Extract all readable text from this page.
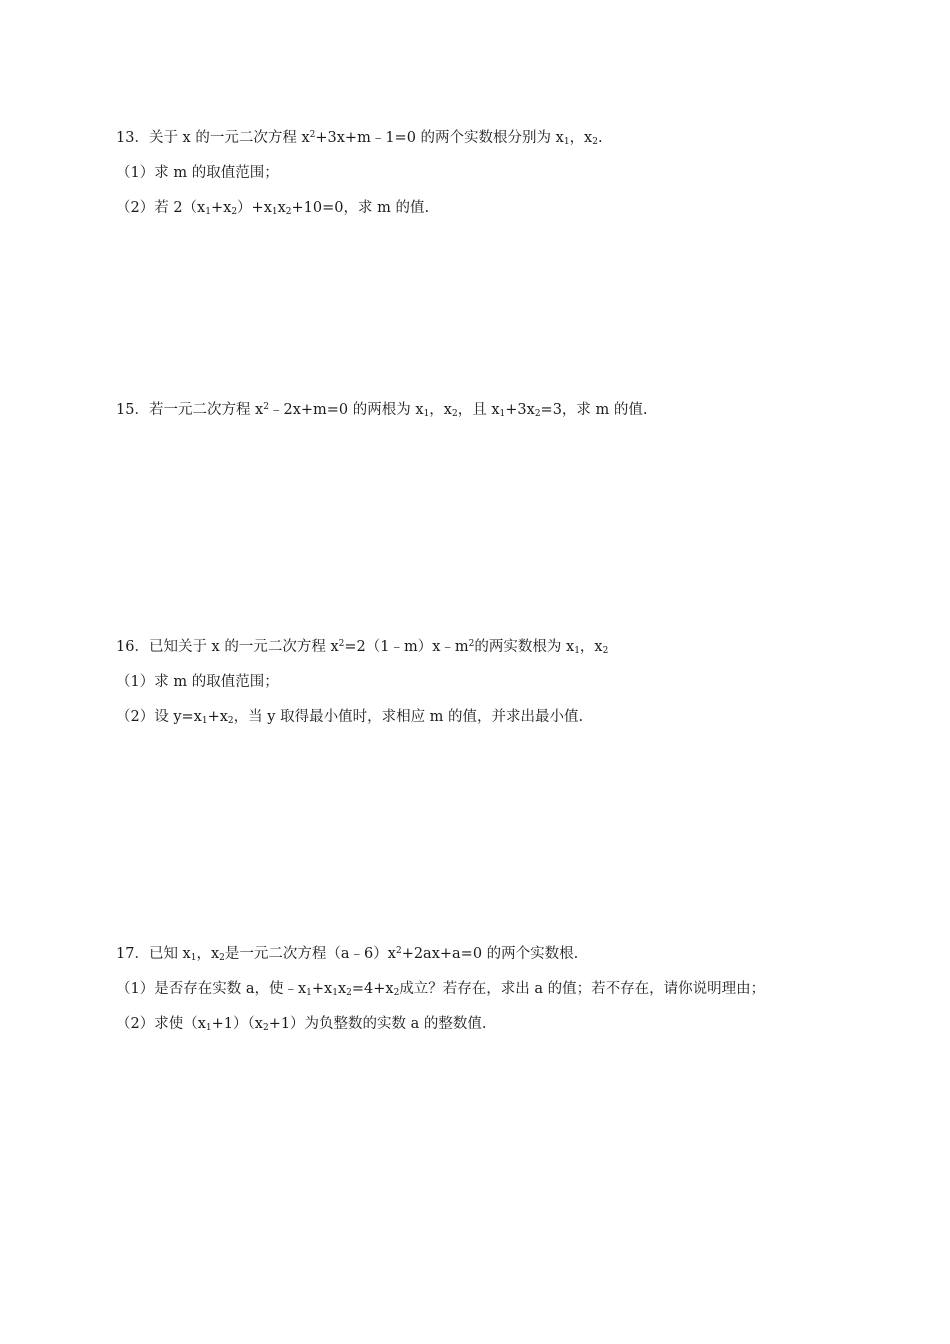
13．关于 x 的一元二次方程 $x^2+3x+m﹣1=0$ 的两个实数根分别为 $x_1$，$x_2$.
（1）求 m 的取值范围；
（2）若 $2(x_1+x_2)+x_1x_2+10=0$，求 m 的值.
15．若一元二次方程 $x^2﹣2x+m=0$ 的两根为 $x_1$，$x_2$，且 $x_1+3x_2=3$，求 m 的值.
16．已知关于 x 的一元二次方程 $x^2=2(1﹣m)x﹣m^2$的两实数根为 $x_1$，$x_2$
（1）求 m 的取值范围；
（2）设 $y=x_1+x_2$，当 y 取得最小值时，求相应 m 的值，并求出最小值.
17．已知 $x_1$，$x_2$是一元二次方程$(a﹣6)x^2+2ax+a=0$ 的两个实数根.
（1）是否存在实数 a，使$﹣x_1+x_1x_2=4+x_2$成立？若存在，求出 a 的值；若不存在，请你说明理由；
（2）求使$(x_1+1)(x_2+1)$为负整数的实数 a 的整数值.
